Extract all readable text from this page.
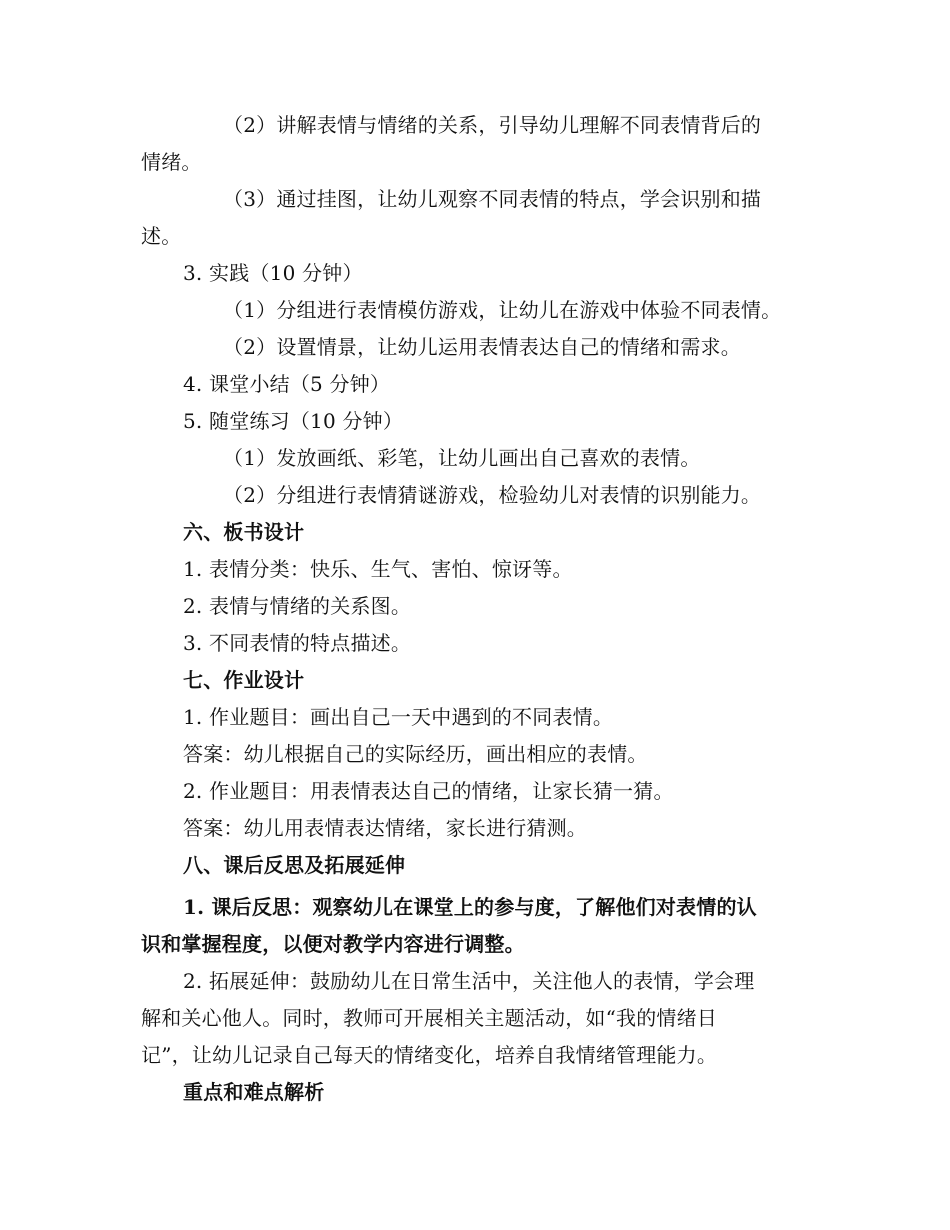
（2）讲解表情与情绪的关系，引导幼儿理解不同表情背后的
情绪。
（3）通过挂图，让幼儿观察不同表情的特点，学会识别和描
述。
3. 实践（10 分钟）
（1）分组进行表情模仿游戏，让幼儿在游戏中体验不同表情。
（2）设置情景，让幼儿运用表情表达自己的情绪和需求。
4. 课堂小结（5 分钟）
5. 随堂练习（10 分钟）
（1）发放画纸、彩笔，让幼儿画出自己喜欢的表情。
（2）分组进行表情猜谜游戏，检验幼儿对表情的识别能力。
六、板书设计
1. 表情分类：快乐、生气、害怕、惊讶等。
2. 表情与情绪的关系图。
3. 不同表情的特点描述。
七、作业设计
1. 作业题目：画出自己一天中遇到的不同表情。
答案：幼儿根据自己的实际经历，画出相应的表情。
2. 作业题目：用表情表达自己的情绪，让家长猜一猜。
答案：幼儿用表情表达情绪，家长进行猜测。
八、课后反思及拓展延伸
1. 课后反思：观察幼儿在课堂上的参与度，了解他们对表情的认
识和掌握程度，以便对教学内容进行调整。
2. 拓展延伸：鼓励幼儿在日常生活中，关注他人的表情，学会理
解和关心他人。同时，教师可开展相关主题活动，如“我的情绪日
记”，让幼儿记录自己每天的情绪变化，培养自我情绪管理能力。
重点和难点解析
